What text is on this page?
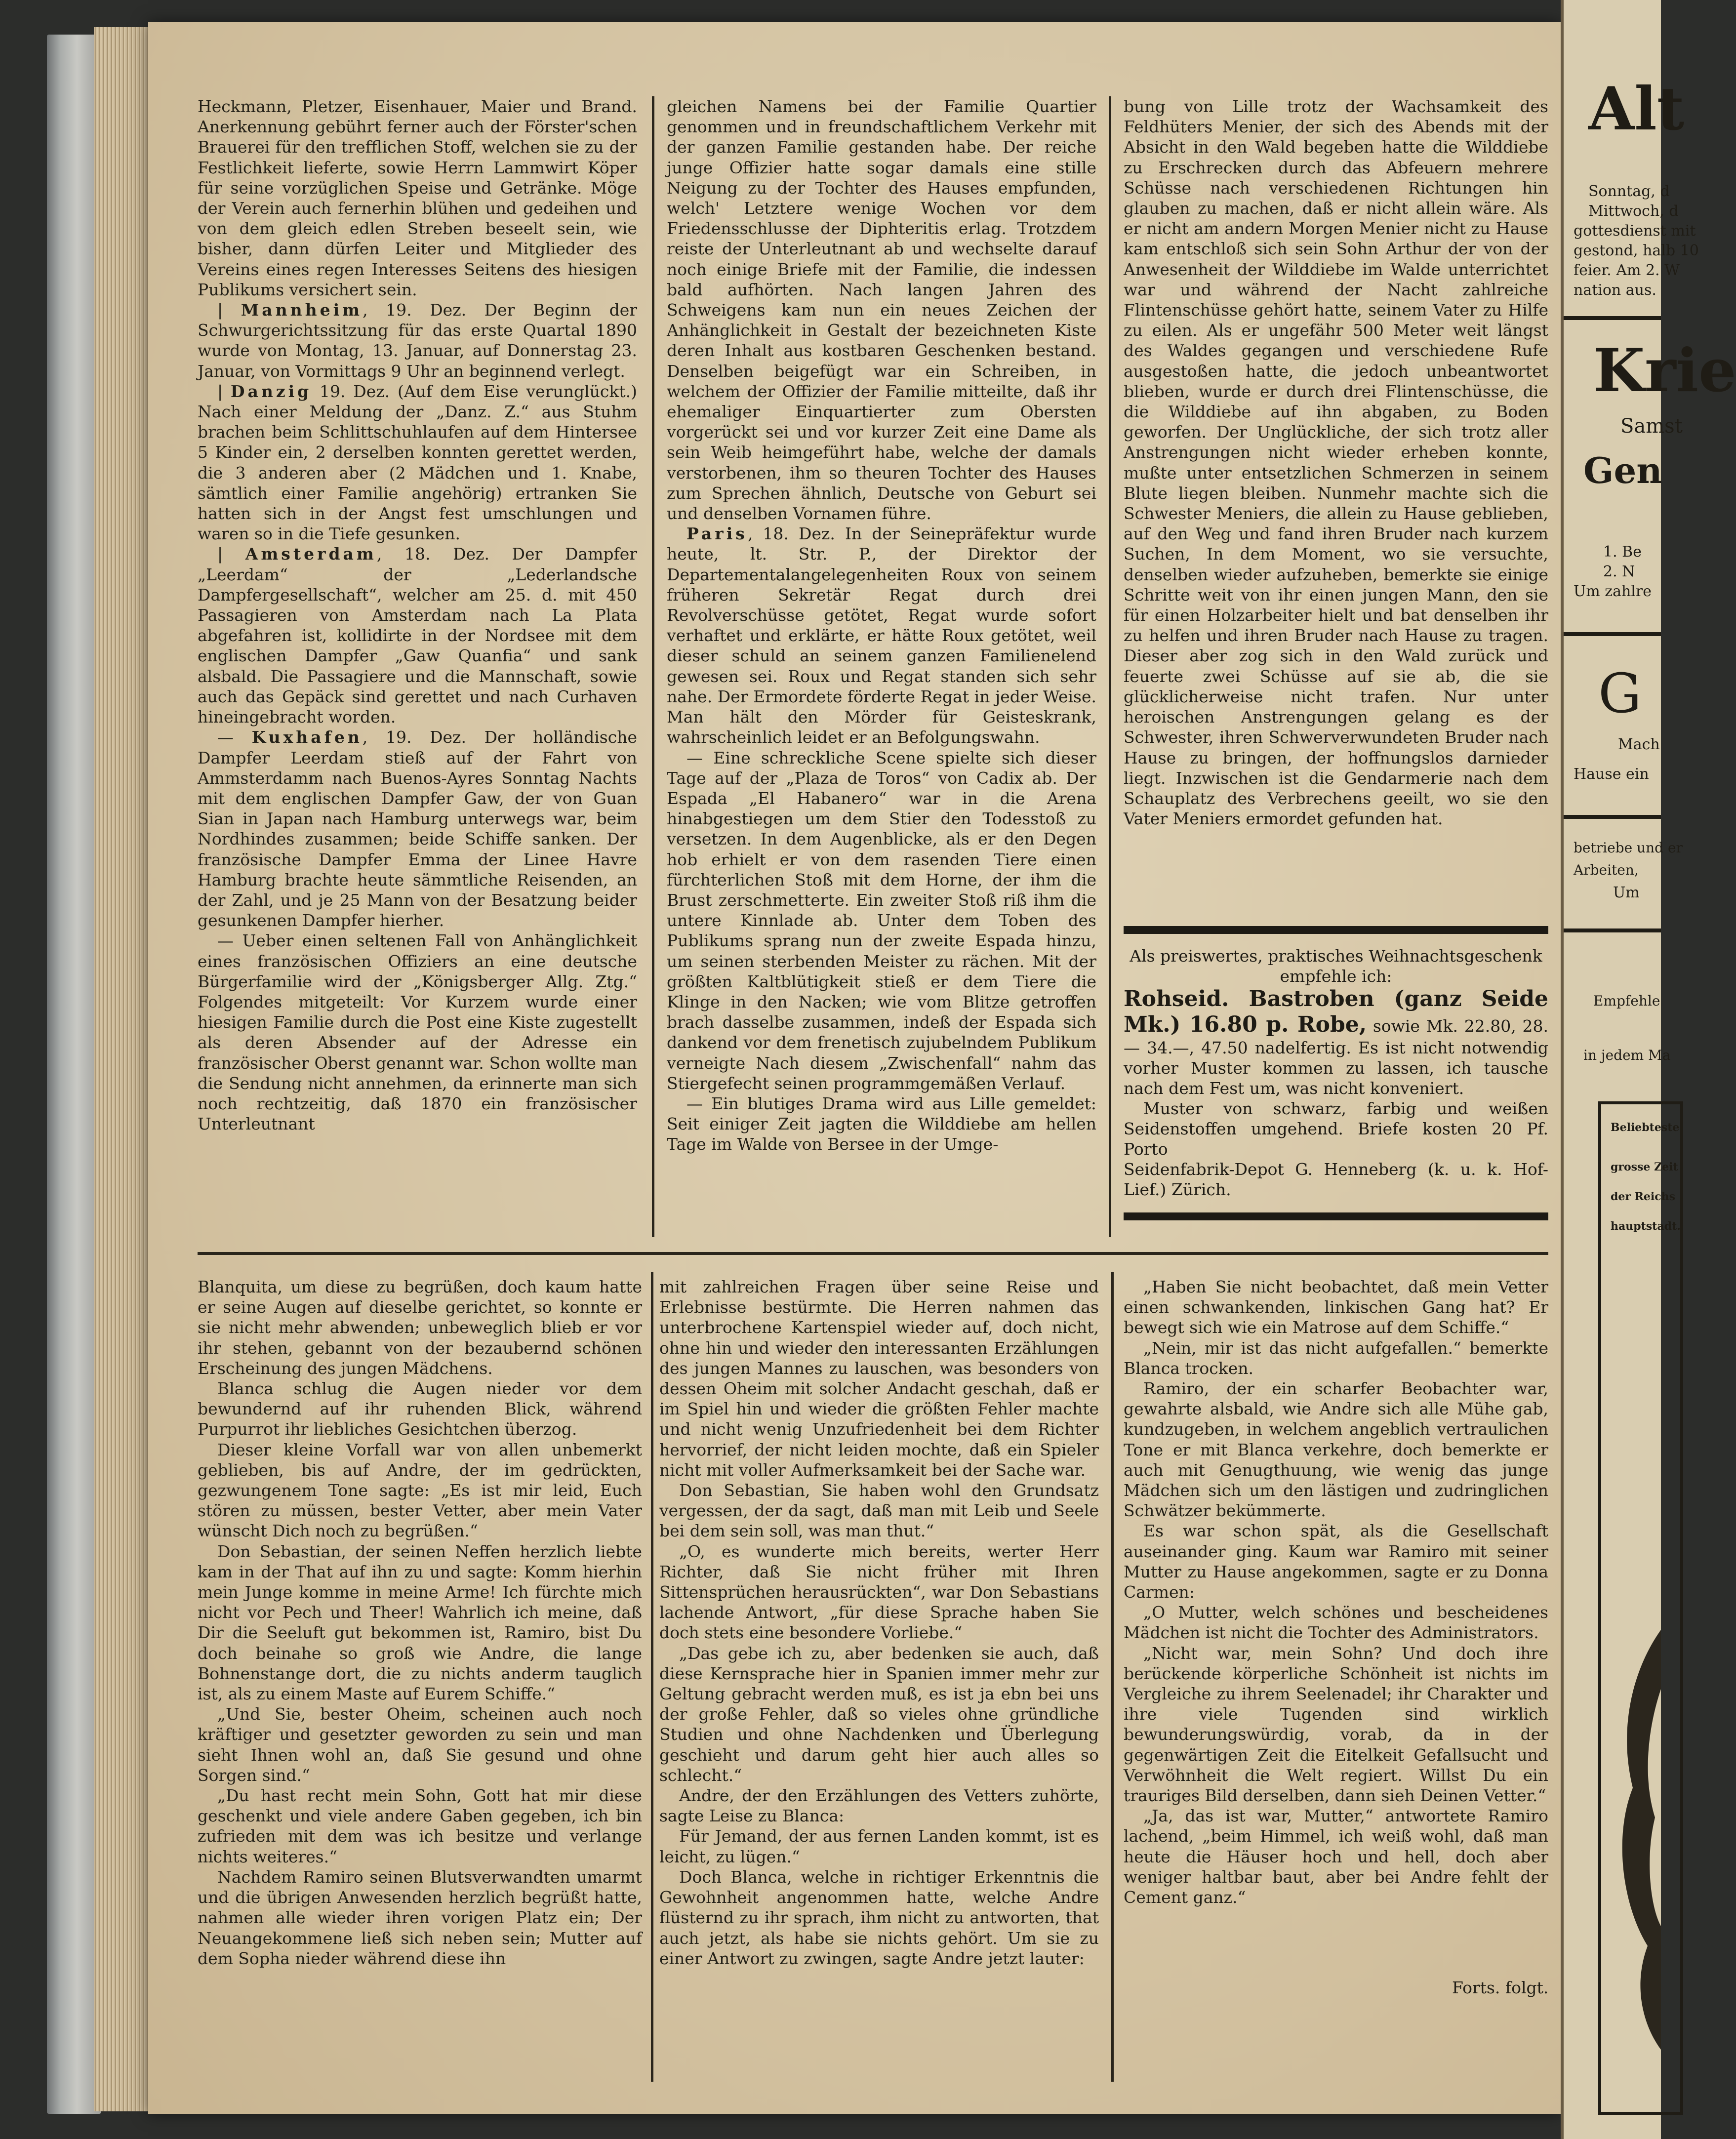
Heckmann, Pletzer, Eisenhauer, Maier und Brand. Anerkennung gebührt ferner auch der Förster'schen Brauerei für den trefflichen Stoff, welchen sie zu der Festlichkeit lieferte, sowie Herrn Lammwirt Köper für seine vorzüglichen Speise und Getränke. Möge der Verein auch fernerhin blühen und gedeihen und von dem gleich edlen Streben beseelt sein, wie bisher, dann dürfen Leiter und Mitglieder des Vereins eines regen Interesses Seitens des hiesigen Publikums versichert sein.

| Mannheim, 19. Dez. Der Beginn der Schwurgerichtssitzung für das erste Quartal 1890 wurde von Montag, 13. Januar, auf Donnerstag 23. Januar, von Vormittags 9 Uhr an beginnend verlegt.

| Danzig 19. Dez. (Auf dem Eise verunglückt.) Nach einer Meldung der „Danz. Z.“ aus Stuhm brachen beim Schlittschuhlaufen auf dem Hintersee 5 Kinder ein, 2 derselben konnten gerettet werden, die 3 anderen aber (2 Mädchen und 1. Knabe, sämtlich einer Familie angehörig) ertranken Sie hatten sich in der Angst fest umschlungen und waren so in die Tiefe gesunken.

| Amsterdam, 18. Dez. Der Dampfer „Leerdam“ der „Lederlandsche Dampfergesellschaft“, welcher am 25. d. mit 450 Passagieren von Amsterdam nach La Plata abgefahren ist, kollidirte in der Nordsee mit dem englischen Dampfer „Gaw Quanfia“ und sank alsbald. Die Passagiere und die Mannschaft, sowie auch das Gepäck sind gerettet und nach Curhaven hineingebracht worden.

— Kuxhafen, 19. Dez. Der holländische Dampfer Leerdam stieß auf der Fahrt von Ammsterdamm nach Buenos-Ayres Sonntag Nachts mit dem englischen Dampfer Gaw, der von Guan Sian in Japan nach Hamburg unterwegs war, beim Nordhindes zusammen; beide Schiffe sanken. Der französische Dampfer Emma der Linee Havre Hamburg brachte heute sämmtliche Reisenden, an der Zahl, und je 25 Mann von der Besatzung beider gesunkenen Dampfer hierher.

— Ueber einen seltenen Fall von Anhänglichkeit eines französischen Offiziers an eine deutsche Bürgerfamilie wird der „Königsberger Allg. Ztg.“ Folgendes mitgeteilt: Vor Kurzem wurde einer hiesigen Familie durch die Post eine Kiste zugestellt als deren Absender auf der Adresse ein französischer Oberst genannt war. Schon wollte man die Sendung nicht annehmen, da erinnerte man sich noch rechtzeitig, daß 1870 ein französischer Unterleutnant

gleichen Namens bei der Familie Quartier genommen und in freundschaftlichem Verkehr mit der ganzen Familie gestanden habe. Der reiche junge Offizier hatte sogar damals eine stille Neigung zu der Tochter des Hauses empfunden, welch' Letztere wenige Wochen vor dem Friedensschlusse der Diphteritis erlag. Trotzdem reiste der Unterleutnant ab und wechselte darauf noch einige Briefe mit der Familie, die indessen bald aufhörten. Nach langen Jahren des Schweigens kam nun ein neues Zeichen der Anhänglichkeit in Gestalt der bezeichneten Kiste deren Inhalt aus kostbaren Geschenken bestand. Denselben beigefügt war ein Schreiben, in welchem der Offizier der Familie mitteilte, daß ihr ehemaliger Einquartierter zum Obersten vorgerückt sei und vor kurzer Zeit eine Dame als sein Weib heimgeführt habe, welche der damals verstorbenen, ihm so theuren Tochter des Hauses zum Sprechen ähnlich, Deutsche von Geburt sei und denselben Vornamen führe.

Paris, 18. Dez. In der Seinepräfektur wurde heute, lt. Str. P., der Direktor der Departementalangelegenheiten Roux von seinem früheren Sekretär Regat durch drei Revolverschüsse getötet, Regat wurde sofort verhaftet und erklärte, er hätte Roux getötet, weil dieser schuld an seinem ganzen Familienelend gewesen sei. Roux und Regat standen sich sehr nahe. Der Ermordete förderte Regat in jeder Weise. Man hält den Mörder für Geisteskrank, wahrscheinlich leidet er an Befolgungswahn.

— Eine schreckliche Scene spielte sich dieser Tage auf der „Plaza de Toros“ von Cadix ab. Der Espada „El Habanero“ war in die Arena hinabgestiegen um dem Stier den Todesstoß zu versetzen. In dem Augenblicke, als er den Degen hob erhielt er von dem rasenden Tiere einen fürchterlichen Stoß mit dem Horne, der ihm die Brust zerschmetterte. Ein zweiter Stoß riß ihm die untere Kinnlade ab. Unter dem Toben des Publikums sprang nun der zweite Espada hinzu, um seinen sterbenden Meister zu rächen. Mit der größten Kaltblütigkeit stieß er dem Tiere die Klinge in den Nacken; wie vom Blitze getroffen brach dasselbe zusammen, indeß der Espada sich dankend vor dem frenetisch zujubelndem Publikum verneigte Nach diesem „Zwischenfall“ nahm das Stiergefecht seinen programmgemäßen Verlauf.

— Ein blutiges Drama wird aus Lille gemeldet: Seit einiger Zeit jagten die Wilddiebe am hellen Tage im Walde von Bersee in der Umge-

bung von Lille trotz der Wachsamkeit des Feldhüters Menier, der sich des Abends mit der Absicht in den Wald begeben hatte die Wilddiebe zu Erschrecken durch das Abfeuern mehrere Schüsse nach verschiedenen Richtungen hin glauben zu machen, daß er nicht allein wäre. Als er nicht am andern Morgen Menier nicht zu Hause kam entschloß sich sein Sohn Arthur der von der Anwesenheit der Wilddiebe im Walde unterrichtet war und während der Nacht zahlreiche Flintenschüsse gehört hatte, seinem Vater zu Hilfe zu eilen. Als er ungefähr 500 Meter weit längst des Waldes gegangen und verschiedene Rufe ausgestoßen hatte, die jedoch unbeantwortet blieben, wurde er durch drei Flintenschüsse, die die Wilddiebe auf ihn abgaben, zu Boden geworfen. Der Unglückliche, der sich trotz aller Anstrengungen nicht wieder erheben konnte, mußte unter entsetzlichen Schmerzen in seinem Blute liegen bleiben. Nunmehr machte sich die Schwester Meniers, die allein zu Hause geblieben, auf den Weg und fand ihren Bruder nach kurzem Suchen, In dem Moment, wo sie versuchte, denselben wieder aufzuheben, bemerkte sie einige Schritte weit von ihr einen jungen Mann, den sie für einen Holzarbeiter hielt und bat denselben ihr zu helfen und ihren Bruder nach Hause zu tragen. Dieser aber zog sich in den Wald zurück und feuerte zwei Schüsse auf sie ab, die sie glücklicherweise nicht trafen. Nur unter heroischen Anstrengungen gelang es der Schwester, ihren Schwerverwundeten Bruder nach Hause zu bringen, der hoffnungslos darnieder liegt. Inzwischen ist die Gendarmerie nach dem Schauplatz des Verbrechens geeilt, wo sie den Vater Meniers ermordet gefunden hat.

Als preiswertes, praktisches Weihnachtsgeschenk empfehle ich:

Rohseid. Bastroben (ganz Seide Mk.) 16.80 p. Robe, sowie Mk. 22.80, 28.— 34.—, 47.50 nadelfertig. Es ist nicht notwendig vorher Muster kommen zu lassen, ich tausche nach dem Fest um, was nicht konveniert.

Muster von schwarz, farbig und weißen Seidenstoffen umgehend. Briefe kosten 20 Pf. Porto

Seidenfabrik-Depot G. Henneberg (k. u. k. Hof-Lief.) Zürich.

Blanquita, um diese zu begrüßen, doch kaum hatte er seine Augen auf dieselbe gerichtet, so konnte er sie nicht mehr abwenden; unbeweglich blieb er vor ihr stehen, gebannt von der bezaubernd schönen Erscheinung des jungen Mädchens.

Blanca schlug die Augen nieder vor dem bewundernd auf ihr ruhenden Blick, während Purpurrot ihr liebliches Gesichtchen überzog.

Dieser kleine Vorfall war von allen unbemerkt geblieben, bis auf Andre, der im gedrückten, gezwungenem Tone sagte: „Es ist mir leid, Euch stören zu müssen, bester Vetter, aber mein Vater wünscht Dich noch zu begrüßen.“

Don Sebastian, der seinen Neffen herzlich liebte kam in der That auf ihn zu und sagte: Komm hierhin mein Junge komme in meine Arme! Ich fürchte mich nicht vor Pech und Theer! Wahrlich ich meine, daß Dir die Seeluft gut bekommen ist, Ramiro, bist Du doch beinahe so groß wie Andre, die lange Bohnenstange dort, die zu nichts anderm tauglich ist, als zu einem Maste auf Eurem Schiffe.“

„Und Sie, bester Oheim, scheinen auch noch kräftiger und gesetzter geworden zu sein und man sieht Ihnen wohl an, daß Sie gesund und ohne Sorgen sind.“

„Du hast recht mein Sohn, Gott hat mir diese geschenkt und viele andere Gaben gegeben, ich bin zufrieden mit dem was ich besitze und verlange nichts weiteres.“

Nachdem Ramiro seinen Blutsverwandten umarmt und die übrigen Anwesenden herzlich begrüßt hatte, nahmen alle wieder ihren vorigen Platz ein; Der Neuangekommene ließ sich neben sein; Mutter auf dem Sopha nieder während diese ihn

mit zahlreichen Fragen über seine Reise und Erlebnisse bestürmte. Die Herren nahmen das unterbrochene Kartenspiel wieder auf, doch nicht, ohne hin und wieder den interessanten Erzählungen des jungen Mannes zu lauschen, was besonders von dessen Oheim mit solcher Andacht geschah, daß er im Spiel hin und wieder die größten Fehler machte und nicht wenig Unzufriedenheit bei dem Richter hervorrief, der nicht leiden mochte, daß ein Spieler nicht mit voller Aufmerksamkeit bei der Sache war.

Don Sebastian, Sie haben wohl den Grundsatz vergessen, der da sagt, daß man mit Leib und Seele bei dem sein soll, was man thut.“

„O, es wunderte mich bereits, werter Herr Richter, daß Sie nicht früher mit Ihren Sittensprüchen herausrückten“, war Don Sebastians lachende Antwort, „für diese Sprache haben Sie doch stets eine besondere Vorliebe.“

„Das gebe ich zu, aber bedenken sie auch, daß diese Kernsprache hier in Spanien immer mehr zur Geltung gebracht werden muß, es ist ja ebn bei uns der große Fehler, daß so vieles ohne gründliche Studien und ohne Nachdenken und Überlegung geschieht und darum geht hier auch alles so schlecht.“

Andre, der den Erzählungen des Vetters zuhörte, sagte Leise zu Blanca:

Für Jemand, der aus fernen Landen kommt, ist es leicht, zu lügen.“

Doch Blanca, welche in richtiger Erkenntnis die Gewohnheit angenommen hatte, welche Andre flüsternd zu ihr sprach, ihm nicht zu antworten, that auch jetzt, als habe sie nichts gehört. Um sie zu einer Antwort zu zwingen, sagte Andre jetzt lauter:

„Haben Sie nicht beobachtet, daß mein Vetter einen schwankenden, linkischen Gang hat? Er bewegt sich wie ein Matrose auf dem Schiffe.“

„Nein, mir ist das nicht aufgefallen.“ bemerkte Blanca trocken.

Ramiro, der ein scharfer Beobachter war, gewahrte alsbald, wie Andre sich alle Mühe gab, kundzugeben, in welchem angeblich vertraulichen Tone er mit Blanca verkehre, doch bemerkte er auch mit Genugthuung, wie wenig das junge Mädchen sich um den lästigen und zudringlichen Schwätzer bekümmerte.

Es war schon spät, als die Gesellschaft auseinander ging. Kaum war Ramiro mit seiner Mutter zu Hause angekommen, sagte er zu Donna Carmen:

„O Mutter, welch schönes und bescheidenes Mädchen ist nicht die Tochter des Administrators.

„Nicht war, mein Sohn? Und doch ihre berückende körperliche Schönheit ist nichts im Vergleiche zu ihrem Seelenadel; ihr Charakter und ihre viele Tugenden sind wirklich bewunderungswürdig, vorab, da in der gegenwärtigen Zeit die Eitelkeit Gefallsucht und Verwöhnheit die Welt regiert. Willst Du ein trauriges Bild derselben, dann sieh Deinen Vetter.“

„Ja, das ist war, Mutter,“ antwortete Ramiro lachend, „beim Himmel, ich weiß wohl, daß man heute die Häuser hoch und hell, doch aber weniger haltbar baut, aber bei Andre fehlt der Cement ganz.“

Forts. folgt.
Alt
Sonntag, d
Mittwoch, d
gottesdienst mit
gestond, halb 10
feier. Am 2. W
nation aus.
Krie
Samst
Gen
1. Be
2. N
Um zahlre
G
Mach
Hause ein
betriebe und er
Arbeiten,
Um
Empfehle
in jedem Ma
Beliebteste
grosse Zeit
der Reichs
hauptstadt.
